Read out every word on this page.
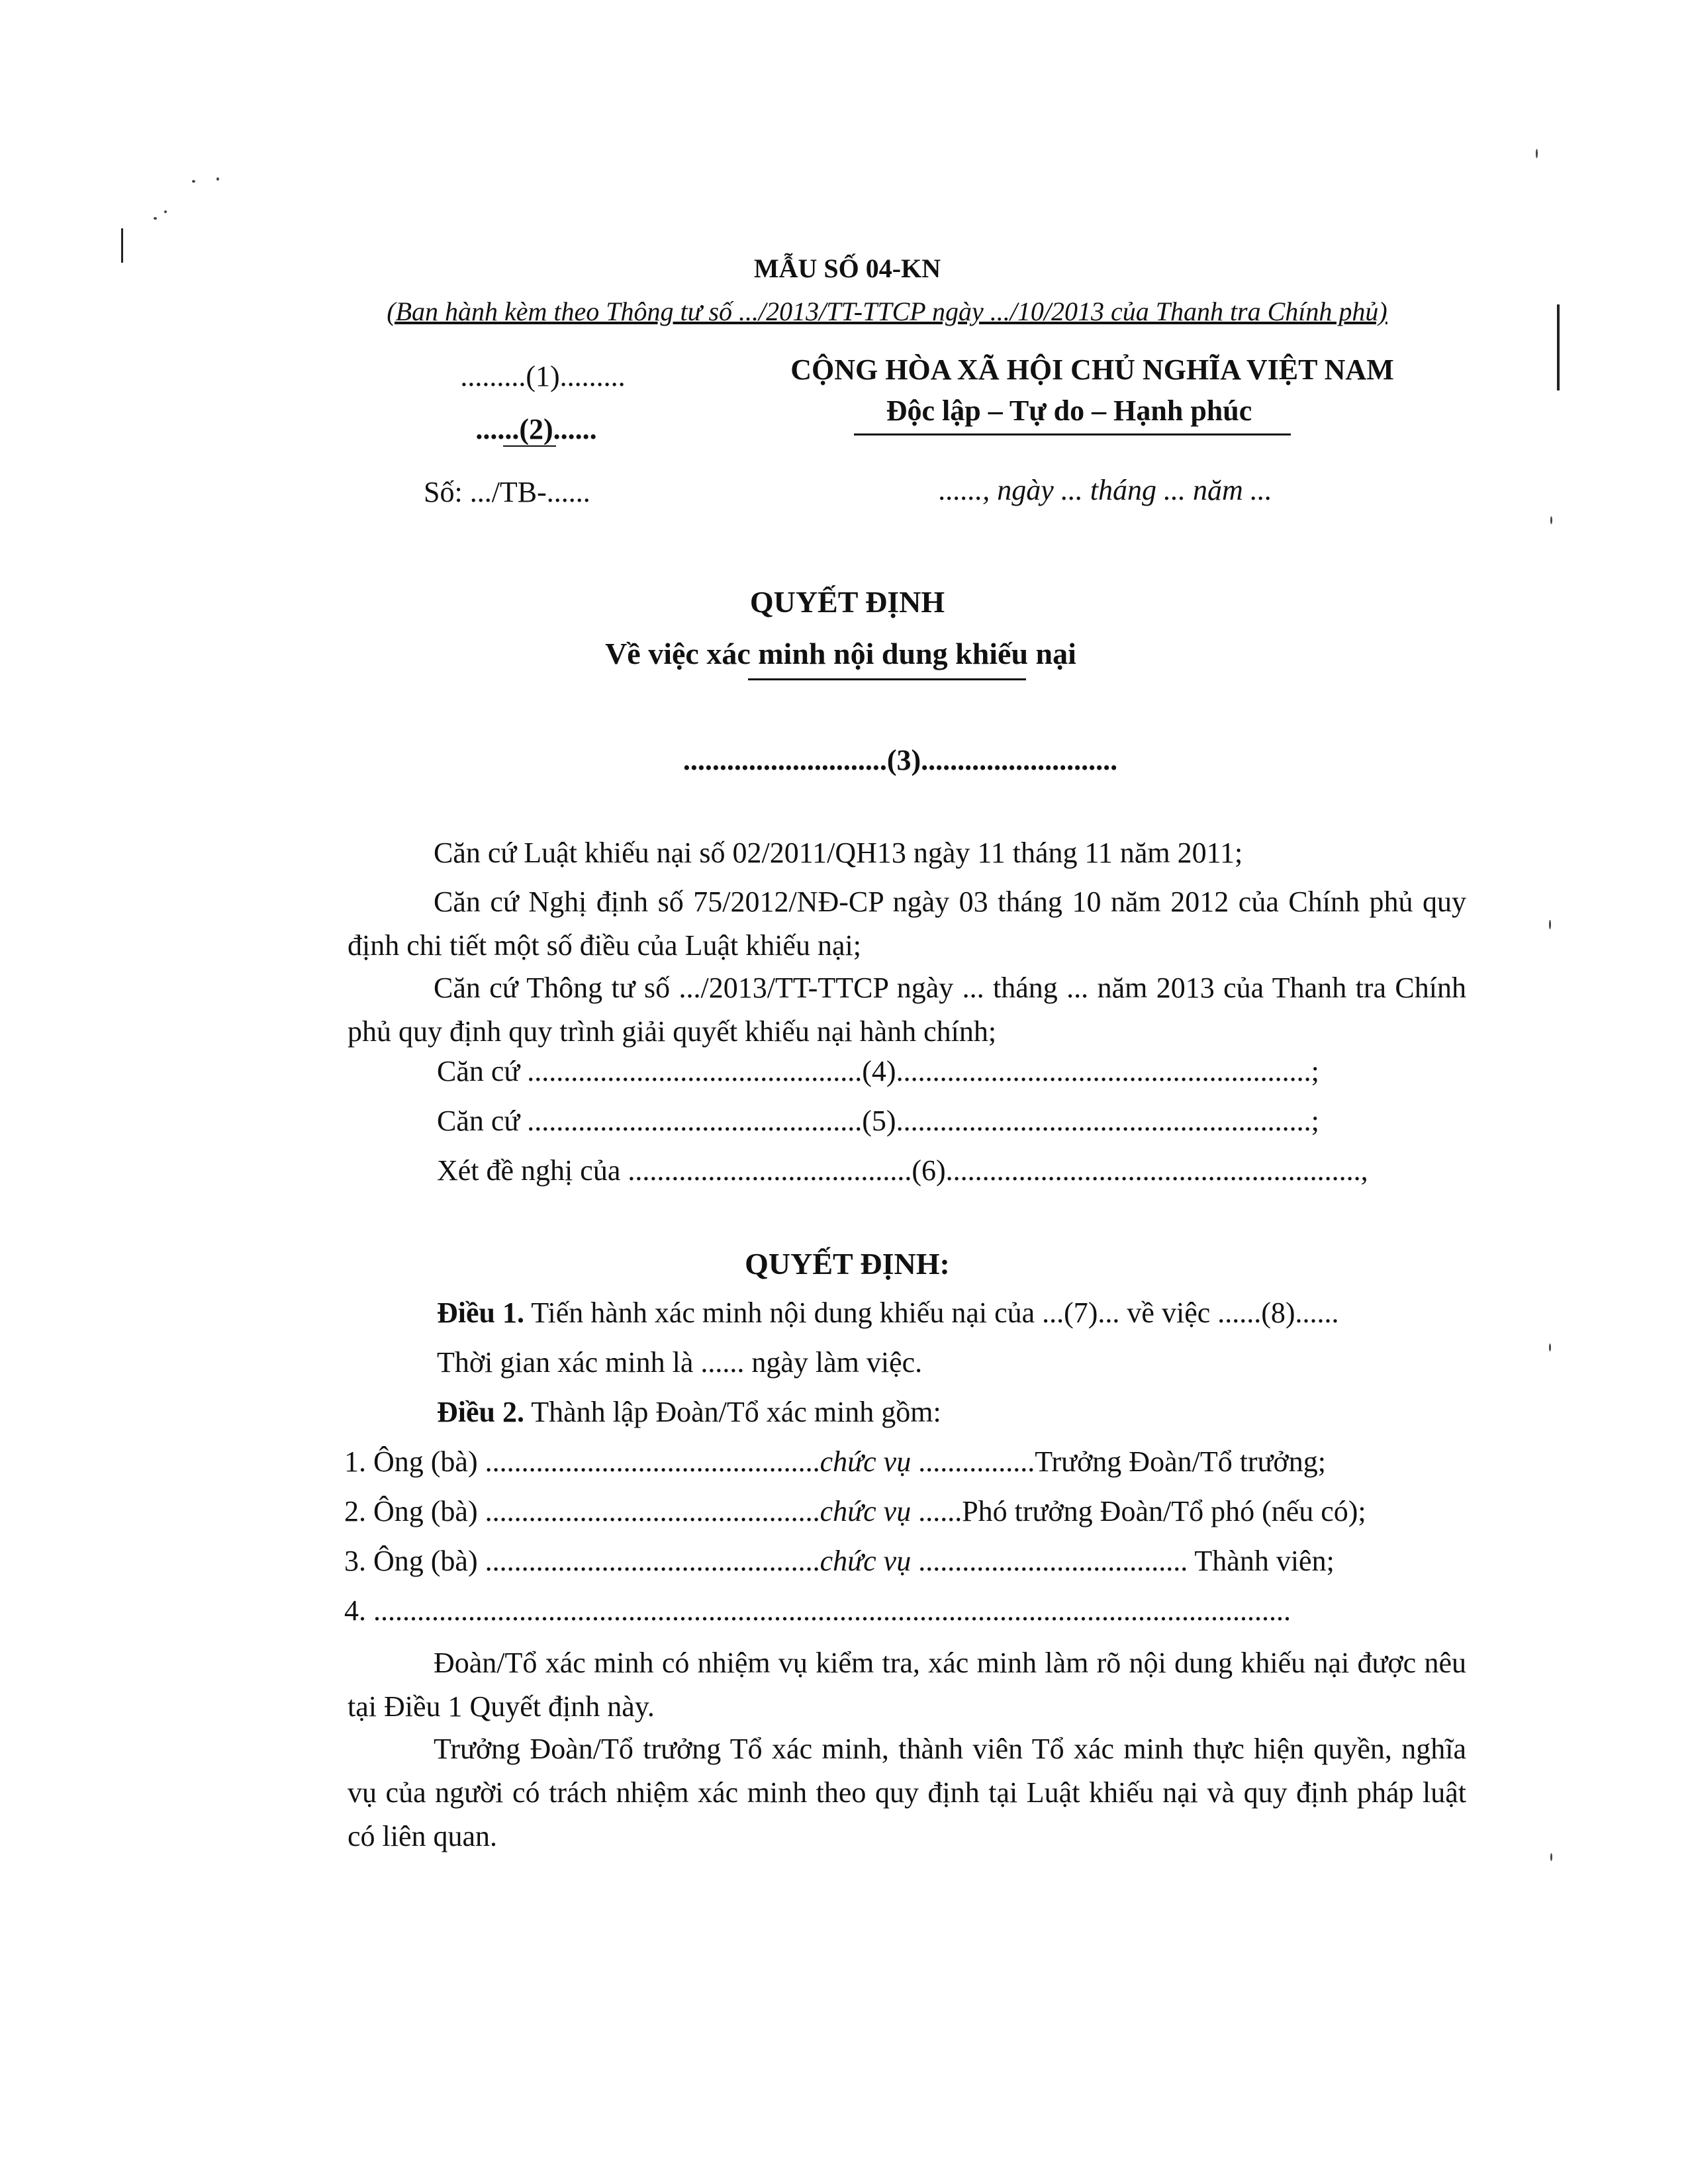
MẪU SỐ 04-KN
(Ban hành kèm theo Thông tư số .../2013/TT-TTCP ngày .../10/2013 của Thanh tra Chính phủ)
.........(1).........
......(2)......
Số: .../TB-......
CỘNG HÒA XÃ HỘI CHỦ NGHĨA VIỆT NAM
Độc lập – Tự do – Hạnh phúc
......, ngày ... tháng ... năm ...
QUYẾT ĐỊNH
Về việc xác minh nội dung khiếu nại
............................(3)...........................
Căn cứ Luật khiếu nại số 02/2011/QH13 ngày 11 tháng 11 năm 2011;
Căn cứ Nghị định số 75/2012/NĐ-CP ngày 03 tháng 10 năm 2012 của Chính phủ quy định chi tiết một số điều của Luật khiếu nại;
Căn cứ Thông tư số .../2013/TT-TTCP ngày ... tháng ... năm 2013 của Thanh tra Chính phủ quy định quy trình giải quyết khiếu nại hành chính;
Căn cứ ..............................................(4).........................................................;
Căn cứ ..............................................(5).........................................................;
Xét đề nghị của .......................................(6).........................................................,
QUYẾT ĐỊNH:
Điều 1. Tiến hành xác minh nội dung khiếu nại của ...(7)... về việc ......(8)......
Thời gian xác minh là ...... ngày làm việc.
Điều 2. Thành lập Đoàn/Tổ xác minh gồm:
1. Ông (bà) ..............................................chức vụ ................Trưởng Đoàn/Tổ trưởng;
2. Ông (bà) ..............................................chức vụ ......Phó trưởng Đoàn/Tổ phó (nếu có);
3. Ông (bà) ..............................................chức vụ ..................................... Thành viên;
4. ..............................................................................................................................
Đoàn/Tổ xác minh có nhiệm vụ kiểm tra, xác minh làm rõ nội dung khiếu nại được nêu tại Điều 1 Quyết định này.
Trưởng Đoàn/Tổ trưởng Tổ xác minh, thành viên Tổ xác minh thực hiện quyền, nghĩa vụ của người có trách nhiệm xác minh theo quy định tại Luật khiếu nại và quy định pháp luật có liên quan.
